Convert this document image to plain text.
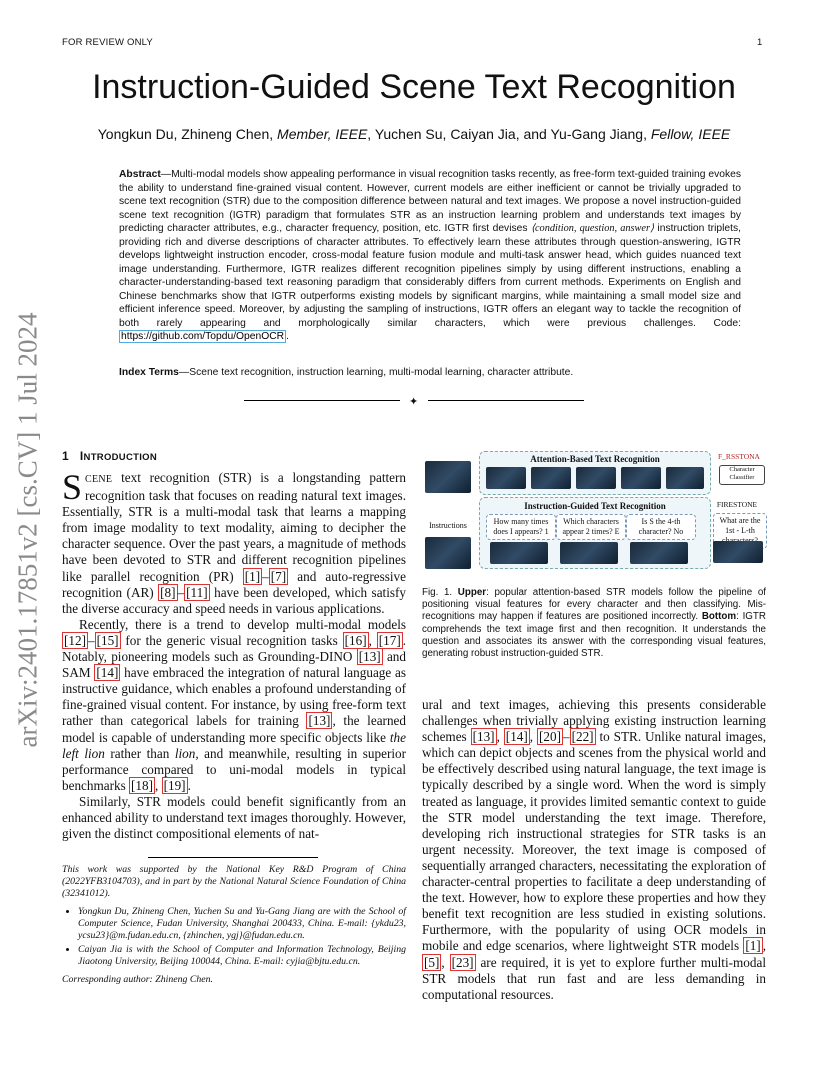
FOR REVIEW ONLY	1
arXiv:2401.17851v2 [cs.CV] 1 Jul 2024
Instruction-Guided Scene Text Recognition
Yongkun Du, Zhineng Chen, Member, IEEE, Yuchen Su, Caiyan Jia, and Yu-Gang Jiang, Fellow, IEEE
Abstract—Multi-modal models show appealing performance in visual recognition tasks recently, as free-form text-guided training evokes the ability to understand fine-grained visual content. However, current models are either inefficient or cannot be trivially upgraded to scene text recognition (STR) due to the composition difference between natural and text images. We propose a novel instruction-guided scene text recognition (IGTR) paradigm that formulates STR as an instruction learning problem and understands text images by predicting character attributes, e.g., character frequency, position, etc. IGTR first devises ⟨condition, question, answer⟩ instruction triplets, providing rich and diverse descriptions of character attributes. To effectively learn these attributes through question-answering, IGTR develops lightweight instruction encoder, cross-modal feature fusion module and multi-task answer head, which guides nuanced text image understanding. Furthermore, IGTR realizes different recognition pipelines simply by using different instructions, enabling a character-understanding-based text reasoning paradigm that considerably differs from current methods. Experiments on English and Chinese benchmarks show that IGTR outperforms existing models by significant margins, while maintaining a small model size and efficient inference speed. Moreover, by adjusting the sampling of instructions, IGTR offers an elegant way to tackle the recognition of both rarely appearing and morphologically similar characters, which were previous challenges. Code: https://github.com/Topdu/OpenOCR .
Index Terms—Scene text recognition, instruction learning, multi-modal learning, character attribute.
✦
1 INTRODUCTION

SCENE text recognition (STR) is a longstanding pattern recognition task that focuses on reading natural text images. Essentially, STR is a multi-modal task that learns a mapping from image modality to text modality, aiming to decipher the character sequence. Over the past years, a magnitude of methods have been devoted to STR and different recognition pipelines like parallel recognition (PR) [1] – [7] and auto-regressive recognition (AR) [8] – [11] have been developed, which satisfy the diverse accuracy and speed needs in various applications.

Recently, there is a trend to develop multi-modal models [12] – [15] for the generic visual recognition tasks [16] , [17] . Notably, pioneering models such as Grounding-DINO [13] and SAM [14] have embraced the integration of natural language as instructive guidance, which enables a profound understanding of fine-grained visual content. For instance, by using free-form text rather than categorical labels for training [13] , the learned model is capable of understanding more specific objects like the left lion rather than lion, and meanwhile, resulting in superior performance compared to uni-modal models in typical benchmarks [18] , [19] .

Similarly, STR models could benefit significantly from an enhanced ability to understand text images thoroughly. However, given the distinct compositional elements of nat-

This work was supported by the National Key R&D Program of China (2022YFB3104703), and in part by the National Natural Science Foundation of China (32341012).

• Yongkun Du, Zhineng Chen, Yuchen Su and Yu-Gang Jiang are with the School of Computer Science, Fudan University, Shanghai 200433, China. E-mail: {ykdu23, ycsu23}@m.fudan.edu.cn, {zhinchen, ygj}@fudan.edu.cn.
• Caiyan Jia is with the School of Computer and Information Technology, Beijing Jiaotong University, Beijing 100044, China. E-mail: cyjia@bjtu.edu.cn.

Corresponding author: Zhineng Chen.

Attention-Based Text Recognition	F_RSSTONA
Character Classifier
Instruction-Guided Text Recognition
How many times does I appears? 1
Which characters appear 2 times? E
Is S the 4-th character? No
FIRESTONE
What are the 1st - L-th
Instructions
Fig. 1. Upper: popular attention-based STR models follow the pipeline of positioning visual features for every character and then classifying. Mis-recognitions may happen if features are positioned incorrectly. Bottom: IGTR comprehends the text image first and then recognition. It understands the question and associates its answer with the corresponding visual features, generating robust instruction-guided STR.

ural and text images, achieving this presents considerable challenges when trivially applying existing instruction learning schemes [13] , [14] , [20] – [22] to STR. Unlike natural images, which can depict objects and scenes from the physical world and be effectively described using natural language, the text image is typically described by a single word. When the word is simply treated as language, it provides limited semantic context to guide the STR model understanding the text image. Therefore, developing rich instructional strategies for STR tasks is an urgent necessity. Moreover, the text image is composed of sequentially arranged characters, necessitating the exploration of character-central properties to facilitate a deep understanding of the text. However, how to explore these properties and how they benefit text recognition are less studied in existing solutions. Furthermore, with the popularity of using OCR models in mobile and edge scenarios, where lightweight STR models [1] , [5] , [23] are required, it is yet to explore further multi-modal STR models that run fast and are less demanding in computational resources.
